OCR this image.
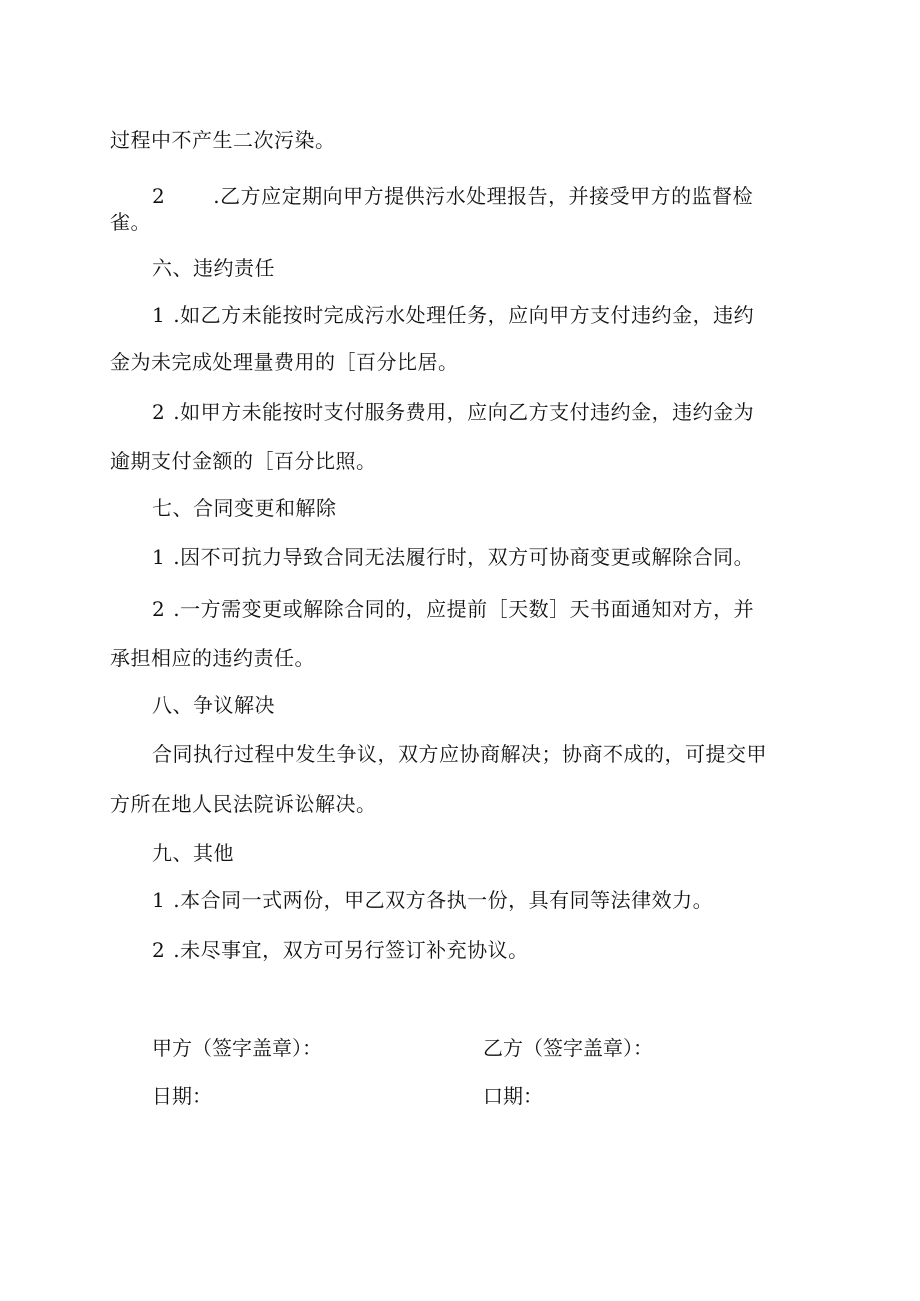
过程中不产生二次污染。
2 .乙方应定期向甲方提供污水处理报告，并接受甲方的监督检
雀。
六、违约责任
1 .如乙方未能按时完成污水处理任务，应向甲方支付违约金，违约
金为未完成处理量费用的［百分比居。
2 .如甲方未能按时支付服务费用，应向乙方支付违约金，违约金为
逾期支付金额的［百分比照。
七、合同变更和解除
1 .因不可抗力导致合同无法履行时，双方可协商变更或解除合同。
2 .一方需变更或解除合同的，应提前［天数］天书面通知对方，并
承担相应的违约责任。
八、争议解决
合同执行过程中发生争议，双方应协商解决；协商不成的，可提交甲
方所在地人民法院诉讼解决。
九、其他
1 .本合同一式两份，甲乙双方各执一份，具有同等法律效力。
2 .未尽事宜，双方可另行签订补充协议。
甲方（签字盖章）：	乙方（签字盖章）：
日期：	口期：
